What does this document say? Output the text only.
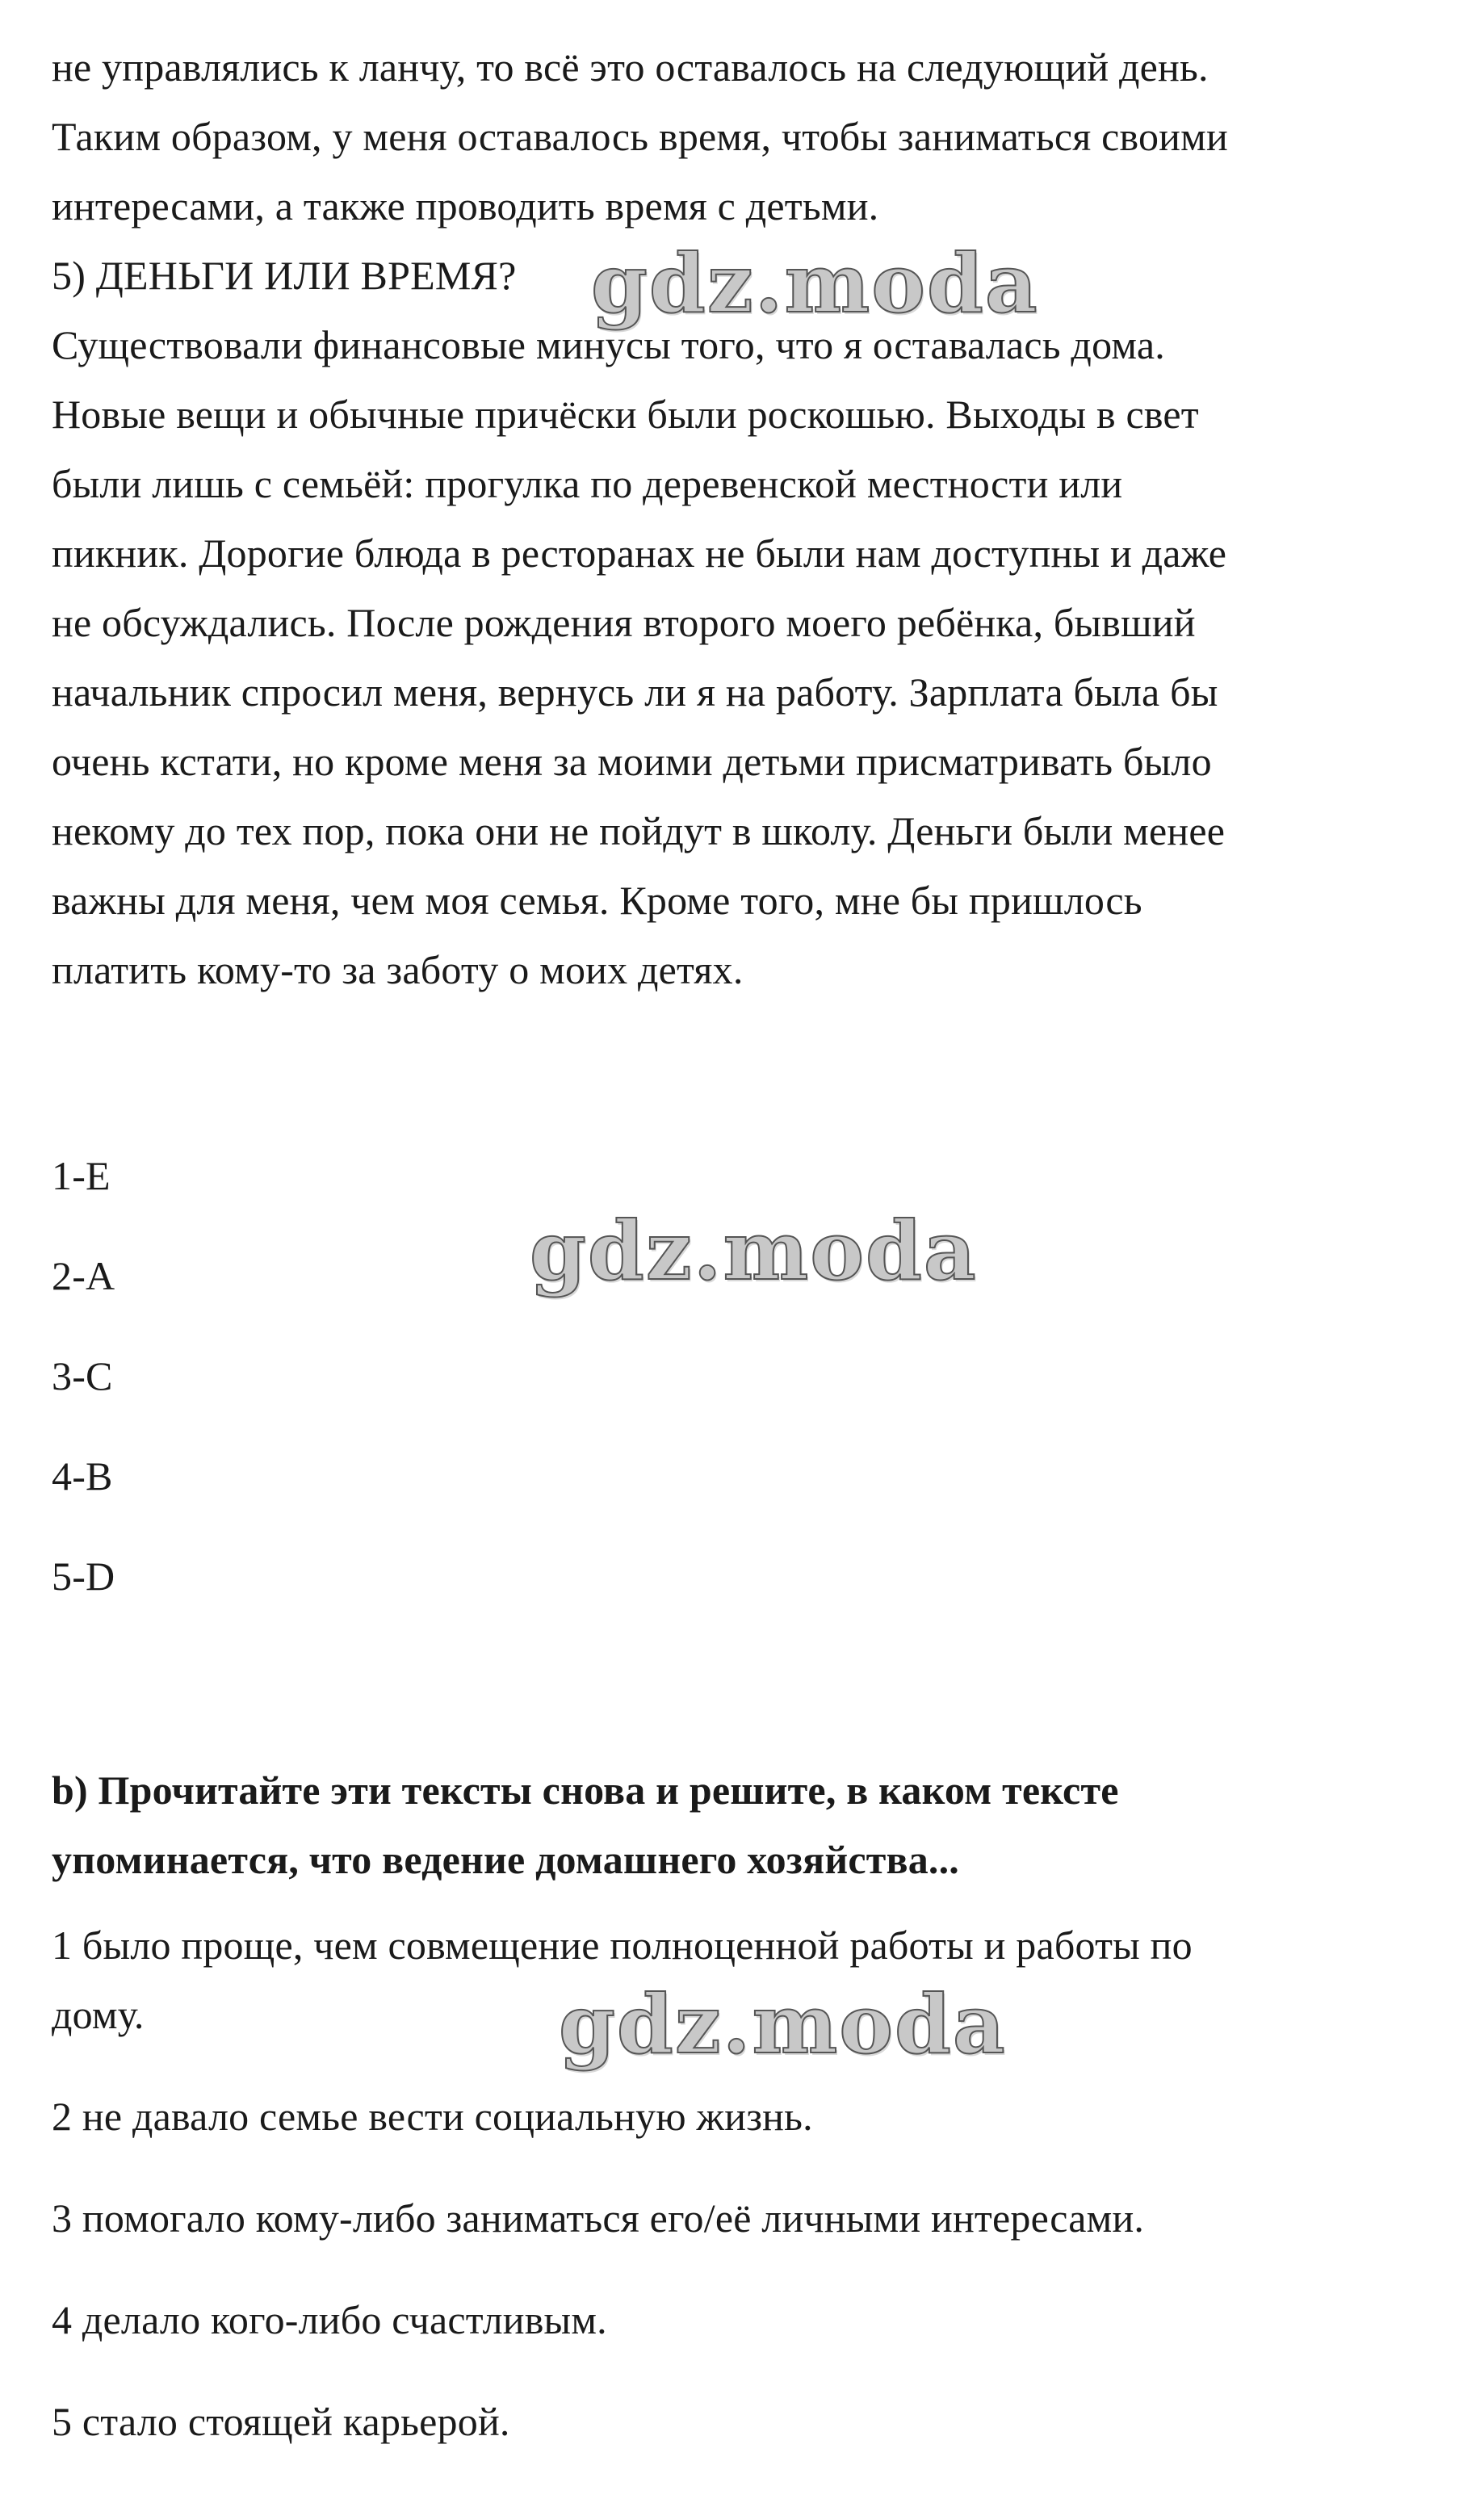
не управлялись к ланчу, то всё это оставалось на следующий день.

Таким образом, у меня оставалось время, чтобы заниматься своими

интересами, а также проводить время с детьми.

5) ДЕНЬГИ ИЛИ ВРЕМЯ?

Существовали финансовые минусы того, что я оставалась дома.

Новые вещи и обычные причёски были роскошью. Выходы в свет

были лишь с семьёй: прогулка по деревенской местности или

пикник. Дорогие блюда в ресторанах не были нам доступны и даже

не обсуждались. После рождения второго моего ребёнка, бывший

начальник спросил меня, вернусь ли я на работу. Зарплата была бы

очень кстати, но кроме меня за моими детьми присматривать было

некому до тех пор, пока они не пойдут в школу. Деньги были менее

важны для меня, чем моя семья. Кроме того, мне бы пришлось

платить кому-то за заботу о моих детях.

1-E

2-A

3-C

4-B

5-D

b) Прочитайте эти тексты снова и решите, в каком тексте

упоминается, что ведение домашнего хозяйства...

1 было проще, чем совмещение полноценной работы и работы по

дому.

2 не давало семье вести социальную жизнь.

3 помогало кому-либо заниматься его/её личными интересами.

4 делало кого-либо счастливым.

5 стало стоящей карьерой.

gdz.moda
gdz.moda
gdz.moda
